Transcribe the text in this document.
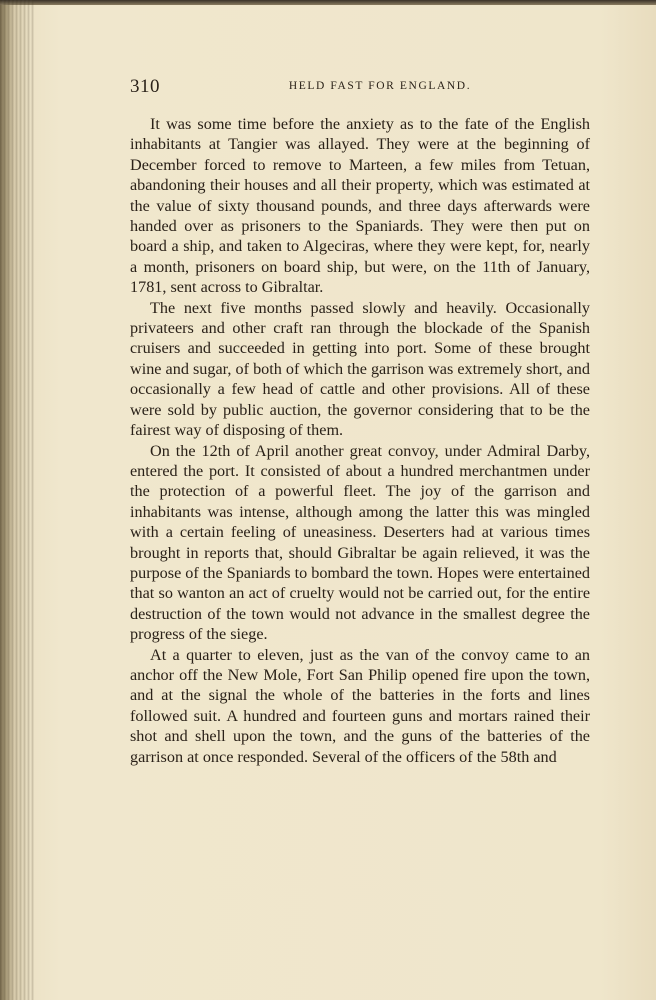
310	HELD FAST FOR ENGLAND.

It was some time before the anxiety as to the fate of the English inhabitants at Tangier was allayed. They were at the beginning of December forced to remove to Marteen, a few miles from Tetuan, abandoning their houses and all their property, which was estimated at the value of sixty thousand pounds, and three days afterwards were handed over as prisoners to the Spaniards. They were then put on board a ship, and taken to Algeciras, where they were kept, for, nearly a month, prisoners on board ship, but were, on the 11th of January, 1781, sent across to Gibraltar.

The next five months passed slowly and heavily. Occasionally privateers and other craft ran through the blockade of the Spanish cruisers and succeeded in getting into port. Some of these brought wine and sugar, of both of which the garrison was extremely short, and occasionally a few head of cattle and other provisions. All of these were sold by public auction, the governor considering that to be the fairest way of disposing of them.

On the 12th of April another great convoy, under Admiral Darby, entered the port. It consisted of about a hundred merchantmen under the protection of a powerful fleet. The joy of the garrison and inhabitants was intense, although among the latter this was mingled with a certain feeling of uneasiness. Deserters had at various times brought in reports that, should Gibraltar be again relieved, it was the purpose of the Spaniards to bombard the town. Hopes were entertained that so wanton an act of cruelty would not be carried out, for the entire destruction of the town would not advance in the smallest degree the progress of the siege.

At a quarter to eleven, just as the van of the convoy came to an anchor off the New Mole, Fort San Philip opened fire upon the town, and at the signal the whole of the batteries in the forts and lines followed suit. A hundred and fourteen guns and mortars rained their shot and shell upon the town, and the guns of the batteries of the garrison at once responded. Several of the officers of the 58th and
